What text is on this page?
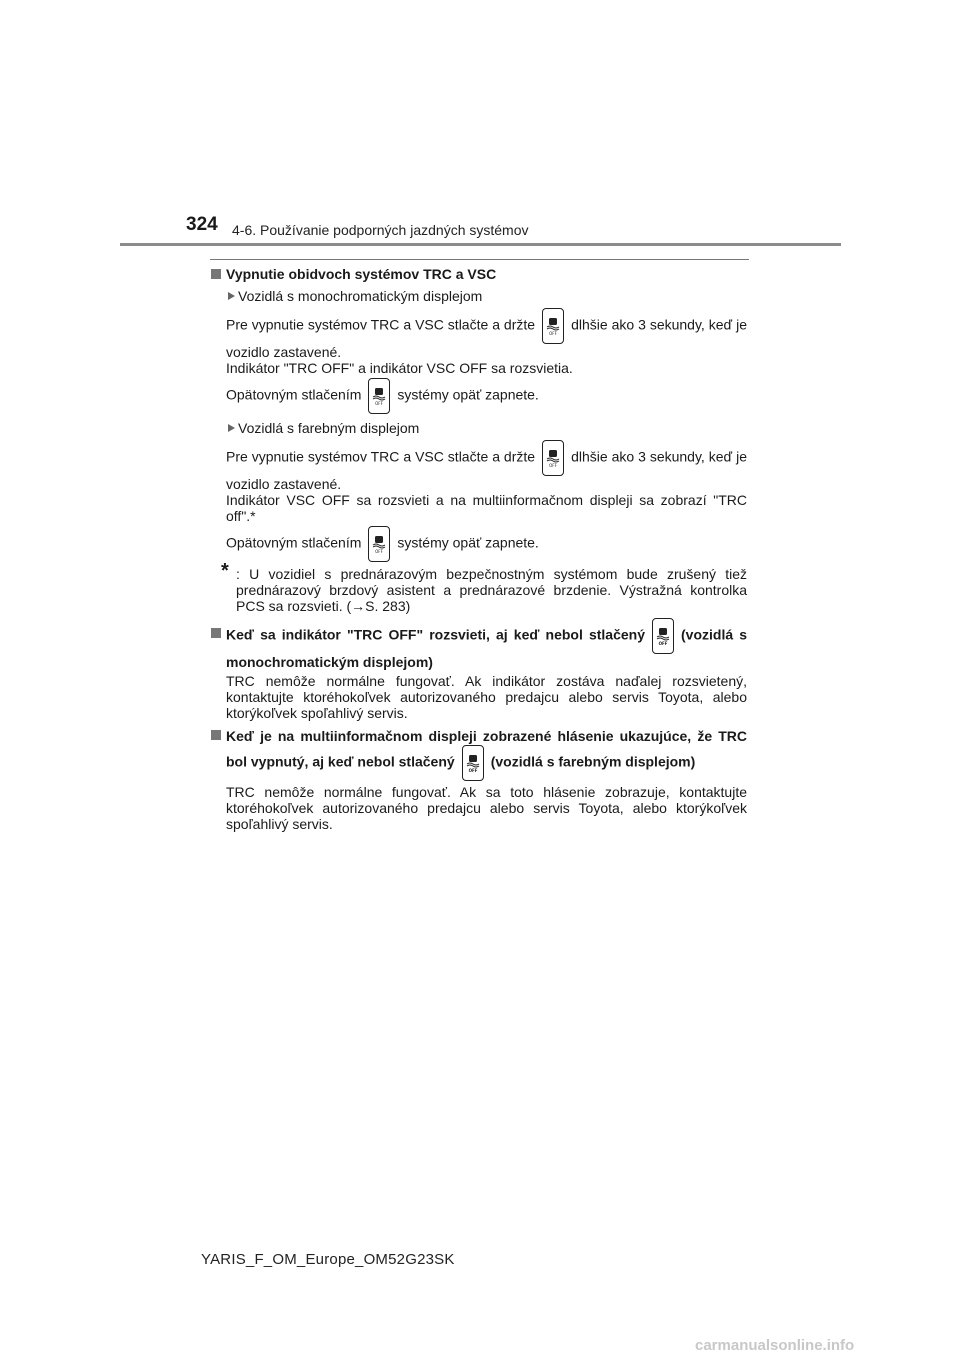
324 4-6. Používanie podporných jazdných systémov
Vypnutie obidvoch systémov TRC a VSC
Vozidlá s monochromatickým displejom
Pre vypnutie systémov TRC a VSC stlačte a držte
OFF
dlhšie ako 3 sekundy, keď je vozidlo zastavené.
Indikátor "TRC OFF" a indikátor VSC OFF sa rozsvietia.
Opätovným stlačením
OFF
systémy opäť zapnete.
Vozidlá s farebným displejom
Pre vypnutie systémov TRC a VSC stlačte a držte
OFF
dlhšie ako 3 sekundy, keď je vozidlo zastavené.
Indikátor VSC OFF sa rozsvieti a na multiinformačnom displeji sa zobrazí "TRC off".*
Opätovným stlačením
OFF
systémy opäť zapnete.
* : U vozidiel s prednárazovým bezpečnostným systémom bude zrušený tiež prednárazový brzdový asistent a prednárazové brzdenie. Výstražná kontrolka PCS sa rozsvieti. (→S. 283)
Keď sa indikátor "TRC OFF" rozsvieti, aj keď nebol stlačený
OFF
(vozidlá s monochromatickým displejom)
TRC nemôže normálne fungovať. Ak indikátor zostáva naďalej rozsvietený, kontaktujte ktoréhokoľvek autorizovaného predajcu alebo servis Toyota, alebo ktorýkoľvek spoľahlivý servis.
Keď je na multiinformačnom displeji zobrazené hlásenie ukazujúce, že TRC bol vypnutý, aj keď nebol stlačený
OFF
(vozidlá s farebným displejom)
TRC nemôže normálne fungovať. Ak sa toto hlásenie zobrazuje, kontaktujte ktoréhokoľvek autorizovaného predajcu alebo servis Toyota, alebo ktorýkoľvek spoľahlivý servis.
YARIS_F_OM_Europe_OM52G23SK
carmanualsonline.info
